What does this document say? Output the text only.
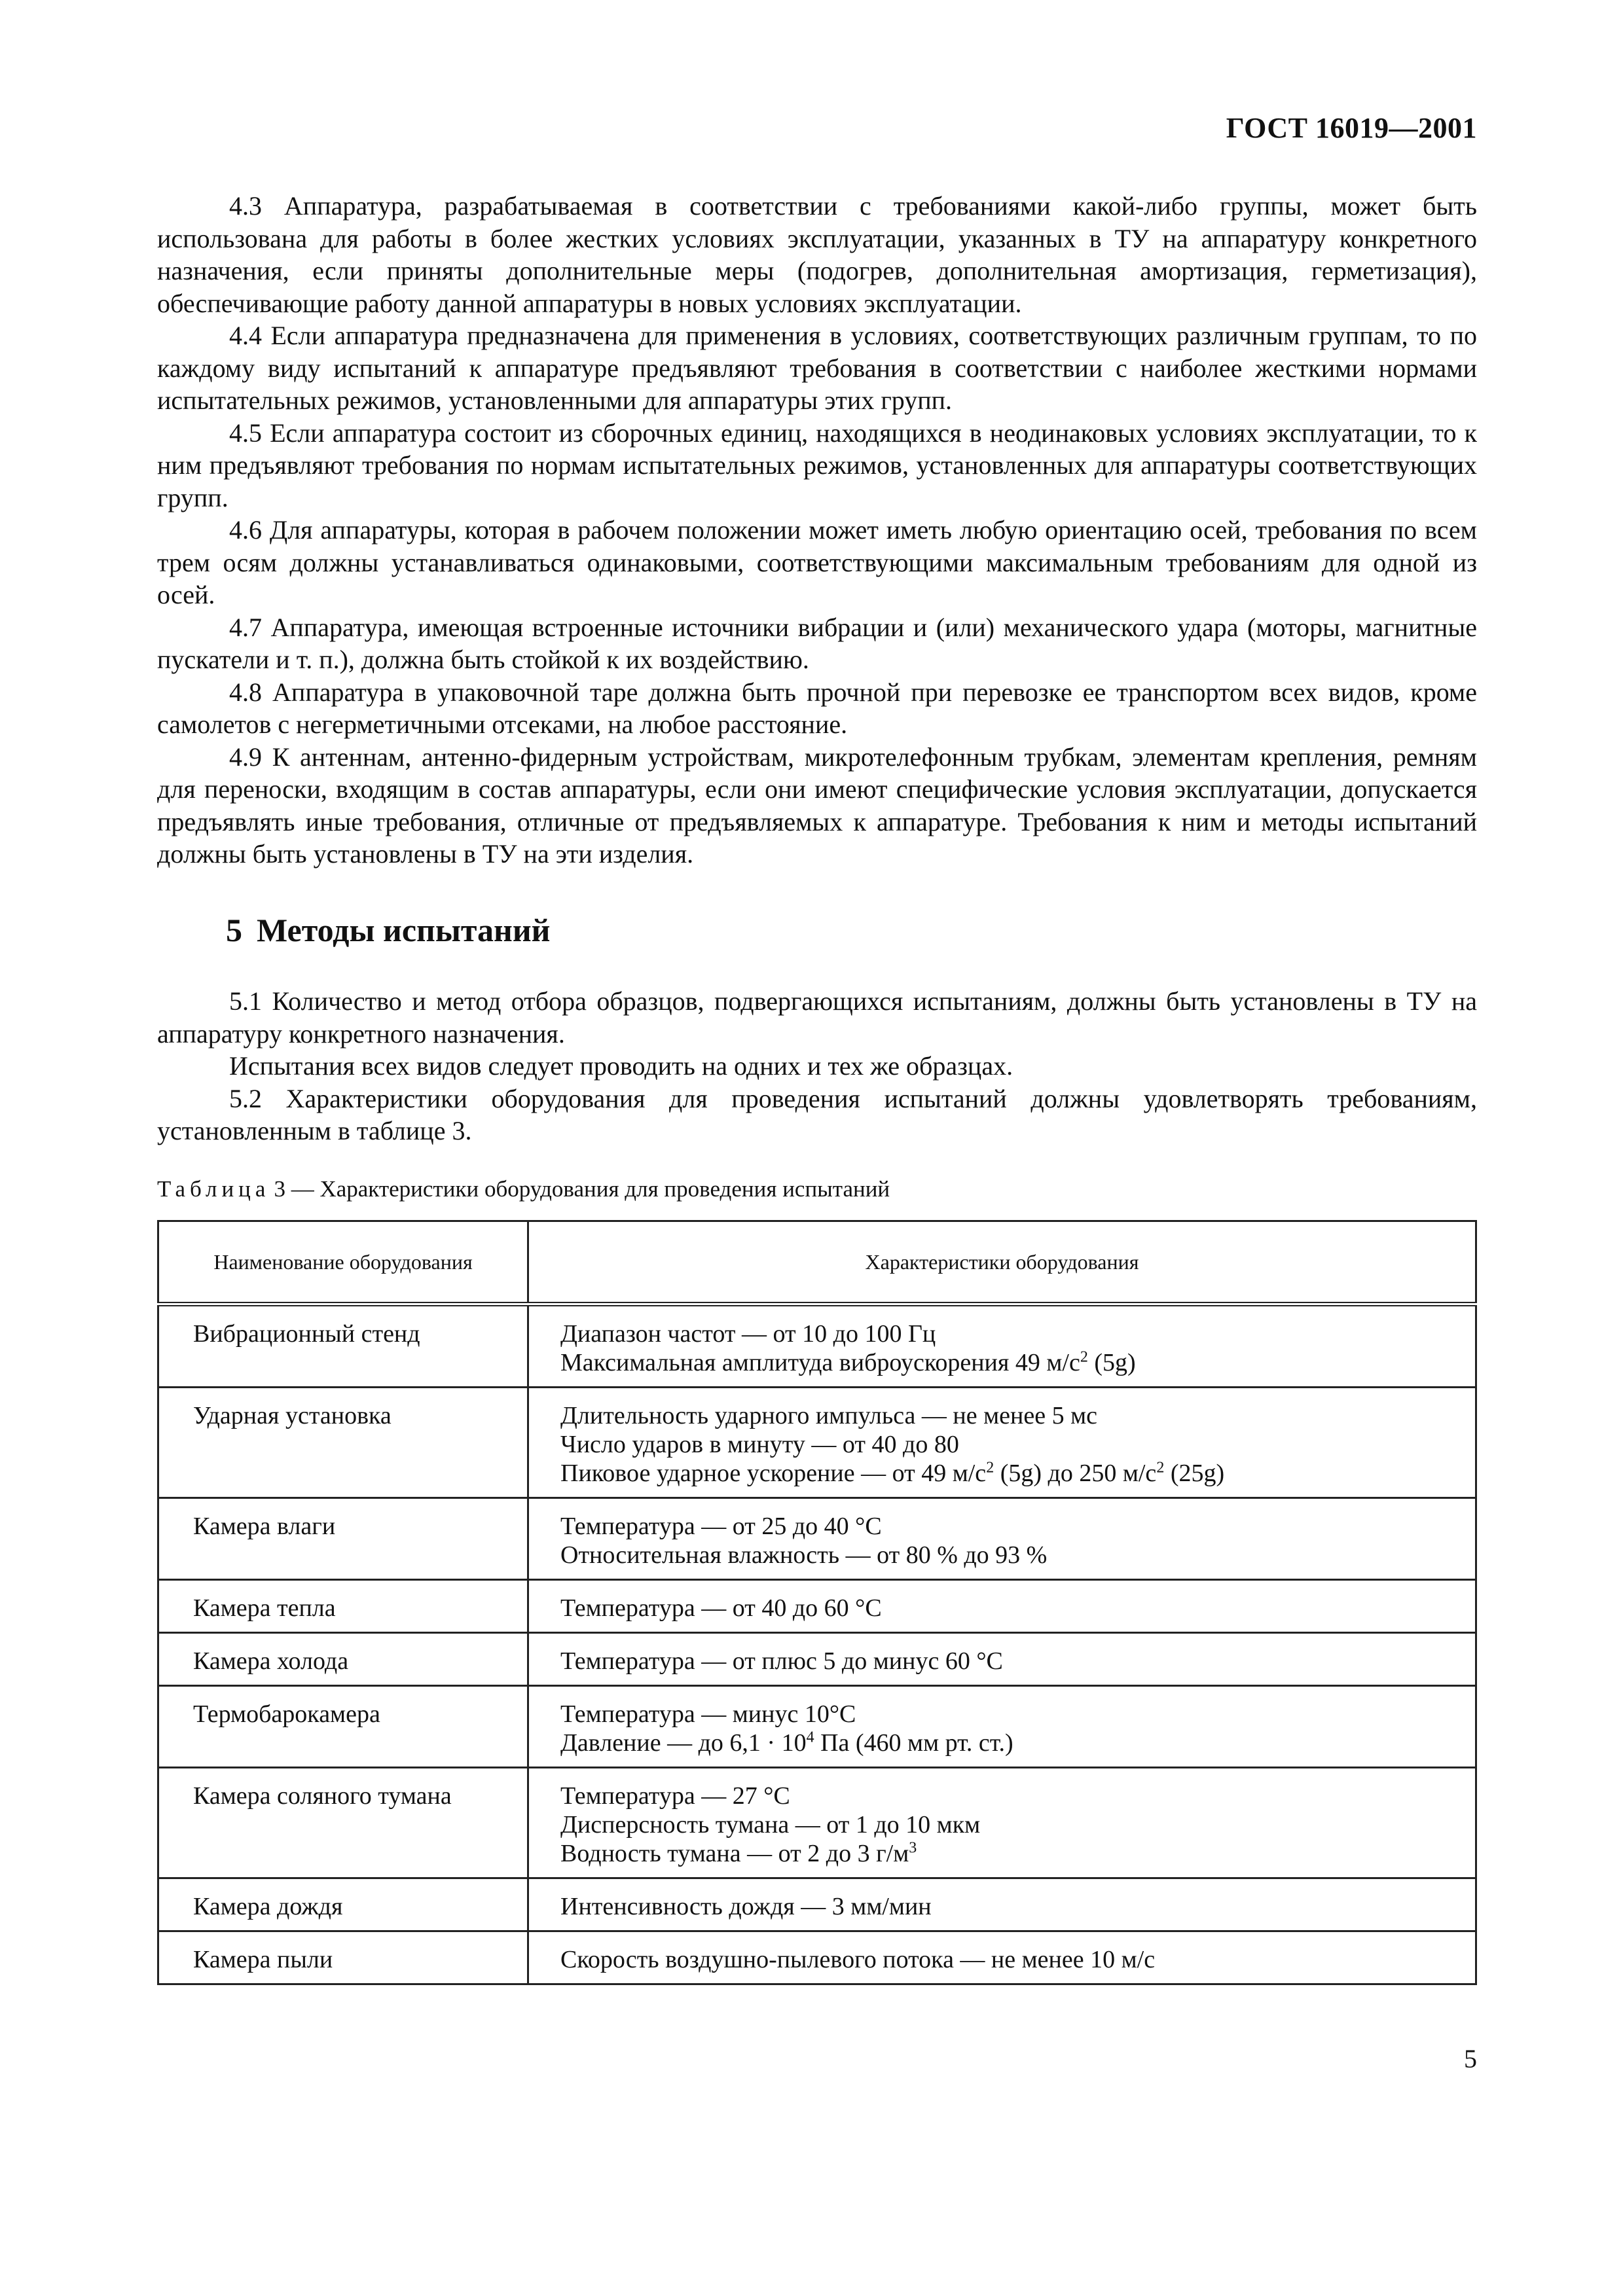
ГОСТ 16019—2001

4.3 Аппаратура, разрабатываемая в соответствии с требованиями какой-либо группы, может быть использована для работы в более жестких условиях эксплуатации, указанных в ТУ на аппаратуру конкретного назначения, если приняты дополнительные меры (подогрев, дополнительная амортизация, герметизация), обеспечивающие работу данной аппаратуры в новых условиях эксплуатации.

4.4 Если аппаратура предназначена для применения в условиях, соответствующих различным группам, то по каждому виду испытаний к аппаратуре предъявляют требования в соответствии с наиболее жесткими нормами испытательных режимов, установленными для аппаратуры этих групп.

4.5 Если аппаратура состоит из сборочных единиц, находящихся в неодинаковых условиях эксплуатации, то к ним предъявляют требования по нормам испытательных режимов, установленных для аппаратуры соответствующих групп.

4.6 Для аппаратуры, которая в рабочем положении может иметь любую ориентацию осей, требования по всем трем осям должны устанавливаться одинаковыми, соответствующими максимальным требованиям для одной из осей.

4.7 Аппаратура, имеющая встроенные источники вибрации и (или) механического удара (моторы, магнитные пускатели и т. п.), должна быть стойкой к их воздействию.

4.8 Аппаратура в упаковочной таре должна быть прочной при перевозке ее транспортом всех видов, кроме самолетов с негерметичными отсеками, на любое расстояние.

4.9 К антеннам, антенно-фидерным устройствам, микротелефонным трубкам, элементам крепления, ремням для переноски, входящим в состав аппаратуры, если они имеют специфические условия эксплуатации, допускается предъявлять иные требования, отличные от предъявляемых к аппаратуре. Требования к ним и методы испытаний должны быть установлены в ТУ на эти изделия.

5 Методы испытаний

5.1 Количество и метод отбора образцов, подвергающихся испытаниям, должны быть установлены в ТУ на аппаратуру конкретного назначения.

Испытания всех видов следует проводить на одних и тех же образцах.

5.2 Характеристики оборудования для проведения испытаний должны удовлетворять требованиям, установленным в таблице 3.

Таблица 3 — Характеристики оборудования для проведения испытаний
Наименование оборудования	Характеристики оборудования
Вибрационный стенд	Диапазон частот — от 10 до 100 Гц
Максимальная амплитуда виброускорения 49 $м/с^2$ (5g)

Ударная установка	Длительность ударного импульса — не менее 5 мс
Число ударов в минуту — от 40 до 80
Пиковое ударное ускорение — от 49 $м/с^2$ (5g) до 250 $м/с^2$ (25g)

Камера влаги	Температура — от 25 до 40 °С
Относительная влажность — от 80 % до 93 %

Камера тепла	Температура — от 40 до 60 °С

Камера холода	Температура — от плюс 5 до минус 60 °С

Термобарокамера	Температура — минус 10°С
Давление — до $6,1 \cdot 10^4$ Па (460 мм рт. ст.)

Камера соляного тумана	Температура — 27 °С
Дисперсность тумана — от 1 до 10 мкм
Водность тумана — от 2 до 3 $г/м^3$

Камера дождя	Интенсивность дождя — 3 мм/мин

Камера пыли	Скорость воздушно-пылевого потока — не менее 10 м/с
5
